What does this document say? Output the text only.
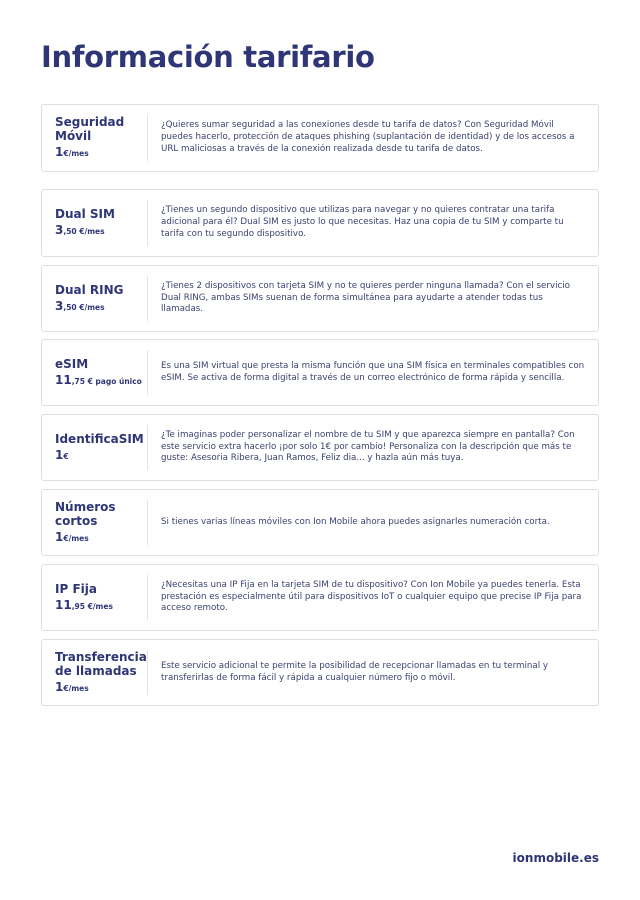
Información tarifario
Seguridad
Móvil
1€/mes
¿Quieres sumar seguridad a las conexiones desde tu tarifa de datos? Con Seguridad Móvil puedes hacerlo, protección de ataques phishing (suplantación de identidad) y de los accesos a URL maliciosas a través de la conexión realizada desde tu tarifa de datos.
Dual SIM
3,50 €/mes
¿Tienes un segundo dispositivo que utilizas para navegar y no quieres contratar una tarifa adicional para él? Dual SIM es justo lo que necesitas. Haz una copia de tu SIM y comparte tu tarifa con tu segundo dispositivo.
Dual RING
3,50 €/mes
¿Tienes 2 dispositivos con tarjeta SIM y no te quieres perder ninguna llamada? Con el servicio Dual RING, ambas SIMs suenan de forma simultánea para ayudarte a atender todas tus llamadas.
eSIM
11,75 € pago único
Es una SIM virtual que presta la misma función que una SIM física en terminales compatibles con eSIM. Se activa de forma digital a través de un correo electrónico de forma rápida y sencilla.
IdentificaSIM
1€
¿Te imaginas poder personalizar el nombre de tu SIM y que aparezca siempre en pantalla? Con este servicio extra hacerlo ¡por solo 1€ por cambio! Personaliza con la descripción que más te guste: Asesoria Ribera, Juan Ramos, Feliz dia... y hazla aún más tuya.
Números
cortos
1€/mes
Si tienes varias líneas móviles con Ion Mobile ahora puedes asignarles numeración corta.
IP Fija
11,95 €/mes
¿Necesitas una IP Fija en la tarjeta SIM de tu dispositivo? Con Ion Mobile ya puedes tenerla. Esta prestación es especialmente útil para dispositivos IoT o cualquier equipo que precise IP Fija para acceso remoto.
Transferencia
de llamadas
1€/mes
Este servicio adicional te permite la posibilidad de recepcionar llamadas en tu terminal y transferirlas de forma fácil y rápida a cualquier número fijo o móvil.
ionmobile.es
